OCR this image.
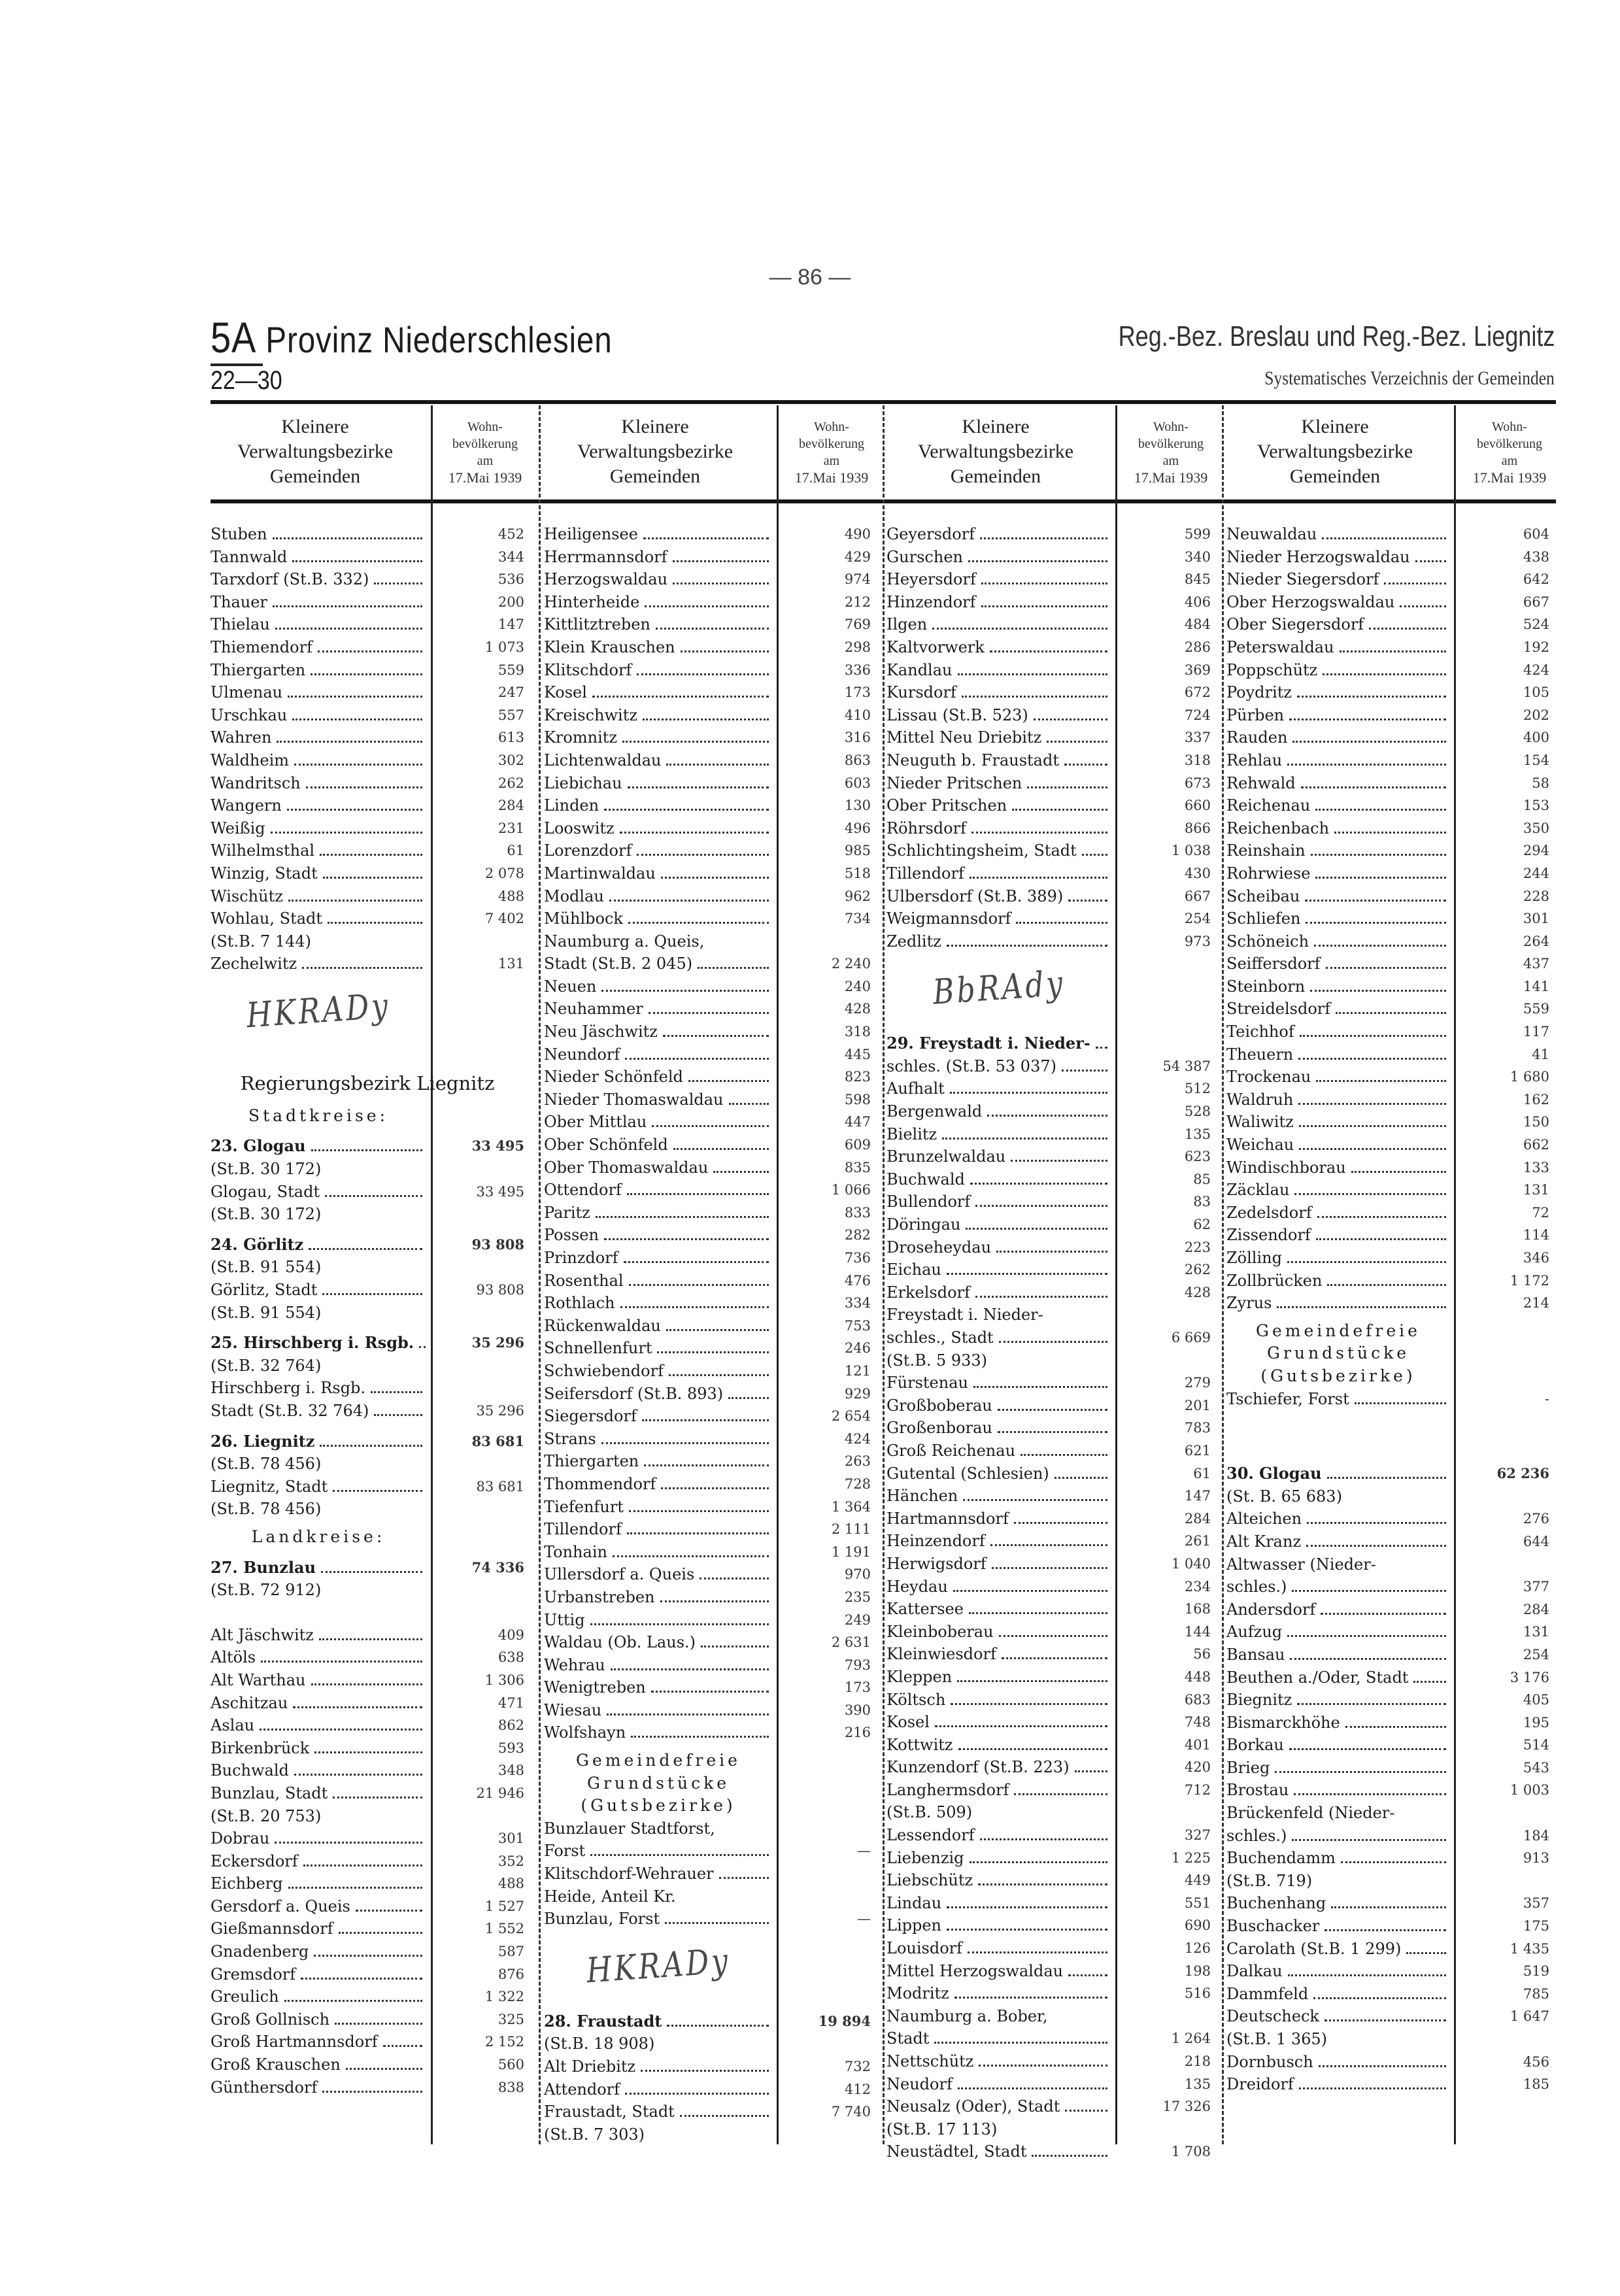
— 86 —
5A Provinz Niederschlesien
22—30
Reg.-Bez. Breslau und Reg.-Bez. Liegnitz
Systematisches Verzeichnis der Gemeinden
Kleinere
Verwaltungsbezirke
Gemeinden
Wohn-
bevölkerung
am
17.Mai 1939
Kleinere
Verwaltungsbezirke
Gemeinden
Wohn-
bevölkerung
am
17.Mai 1939
Kleinere
Verwaltungsbezirke
Gemeinden
Wohn-
bevölkerung
am
17.Mai 1939
Kleinere
Verwaltungsbezirke
Gemeinden
Wohn-
bevölkerung
am
17.Mai 1939
Stuben	452
Tannwald	344
Tarxdorf (St.B. 332)	536
Thauer	200
Thielau	147
Thiemendorf	1 073
Thiergarten	559
Ulmenau	247
Urschkau	557
Wahren	613
Waldheim	302
Wandritsch	262
Wangern	284
Weißig	231
Wilhelmsthal	61
Winzig, Stadt	2 078
Wischütz	488
Wohlau, Stadt	7 402
(St.B. 7 144)
Zechelwitz	131
HKRADy
Regierungsbezirk Liegnitz
Stadtkreise:
23. Glogau	33 495
(St.B. 30 172)
Glogau, Stadt	33 495
(St.B. 30 172)
24. Görlitz	93 808
(St.B. 91 554)
Görlitz, Stadt	93 808
(St.B. 91 554)
25. Hirschberg i. Rsgb.	35 296
(St.B. 32 764)
Hirschberg i. Rsgb.
Stadt (St.B. 32 764)	35 296
26. Liegnitz	83 681
(St.B. 78 456)
Liegnitz, Stadt	83 681
(St.B. 78 456)
Landkreise:
27. Bunzlau	74 336
(St.B. 72 912)
Alt Jäschwitz	409
Altöls	638
Alt Warthau	1 306
Aschitzau	471
Aslau	862
Birkenbrück	593
Buchwald	348
Bunzlau, Stadt	21 946
(St.B. 20 753)
Dobrau	301
Eckersdorf	352
Eichberg	488
Gersdorf a. Queis	1 527
Gießmannsdorf	1 552
Gnadenberg	587
Gremsdorf	876
Greulich	1 322
Groß Gollnisch	325
Groß Hartmannsdorf	2 152
Groß Krauschen	560
Günthersdorf	838
Heiligensee	490
Herrmannsdorf	429
Herzogswaldau	974
Hinterheide	212
Kittlitztreben	769
Klein Krauschen	298
Klitschdorf	336
Kosel	173
Kreischwitz	410
Kromnitz	316
Lichtenwaldau	863
Liebichau	603
Linden	130
Looswitz	496
Lorenzdorf	985
Martinwaldau	518
Modlau	962
Mühlbock	734
Naumburg a. Queis,
Stadt (St.B. 2 045)	2 240
Neuen	240
Neuhammer	428
Neu Jäschwitz	318
Neundorf	445
Nieder Schönfeld	823
Nieder Thomaswaldau	598
Ober Mittlau	447
Ober Schönfeld	609
Ober Thomaswaldau	835
Ottendorf	1 066
Paritz	833
Possen	282
Prinzdorf	736
Rosenthal	476
Rothlach	334
Rückenwaldau	753
Schnellenfurt	246
Schwiebendorf	121
Seifersdorf (St.B. 893)	929
Siegersdorf	2 654
Strans	424
Thiergarten	263
Thommendorf	728
Tiefenfurt	1 364
Tillendorf	2 111
Tonhain	1 191
Ullersdorf a. Queis	970
Urbanstreben	235
Uttig	249
Waldau (Ob. Laus.)	2 631
Wehrau	793
Wenigtreben	173
Wiesau	390
Wolfshayn	216
Gemeindefreie
Grundstücke
(Gutsbezirke)
Bunzlauer Stadtforst,
Forst	—
Klitschdorf-Wehrauer
Heide, Anteil Kr.
Bunzlau, Forst	—
HKRADy
28. Fraustadt	19 894
(St.B. 18 908)
Alt Driebitz	732
Attendorf	412
Fraustadt, Stadt	7 740
(St.B. 7 303)
Geyersdorf	599
Gurschen	340
Heyersdorf	845
Hinzendorf	406
Ilgen	484
Kaltvorwerk	286
Kandlau	369
Kursdorf	672
Lissau (St.B. 523)	724
Mittel Neu Driebitz	337
Neuguth b. Fraustadt	318
Nieder Pritschen	673
Ober Pritschen	660
Röhrsdorf	866
Schlichtingsheim, Stadt	1 038
Tillendorf	430
Ulbersdorf (St.B. 389)	667
Weigmannsdorf	254
Zedlitz	973
BbRAdy
29. Freystadt i. Nieder-
schles. (St.B. 53 037)	54 387
Aufhalt	512
Bergenwald	528
Bielitz	135
Brunzelwaldau	623
Buchwald	85
Bullendorf	83
Döringau	62
Droseheydau	223
Eichau	262
Erkelsdorf	428
Freystadt i. Nieder-
schles., Stadt	6 669
(St.B. 5 933)
Fürstenau	279
Großboberau	201
Großenborau	783
Groß Reichenau	621
Gutental (Schlesien)	61
Hänchen	147
Hartmannsdorf	284
Heinzendorf	261
Herwigsdorf	1 040
Heydau	234
Kattersee	168
Kleinboberau	144
Kleinwiesdorf	56
Kleppen	448
Költsch	683
Kosel	748
Kottwitz	401
Kunzendorf (St.B. 223)	420
Langhermsdorf	712
(St.B. 509)
Lessendorf	327
Liebenzig	1 225
Liebschütz	449
Lindau	551
Lippen	690
Louisdorf	126
Mittel Herzogswaldau	198
Modritz	516
Naumburg a. Bober,
Stadt	1 264
Nettschütz	218
Neudorf	135
Neusalz (Oder), Stadt	17 326
(St.B. 17 113)
Neustädtel, Stadt	1 708
Neuwaldau	604
Nieder Herzogswaldau	438
Nieder Siegersdorf	642
Ober Herzogswaldau	667
Ober Siegersdorf	524
Peterswaldau	192
Poppschütz	424
Poydritz	105
Pürben	202
Rauden	400
Rehlau	154
Rehwald	58
Reichenau	153
Reichenbach	350
Reinshain	294
Rohrwiese	244
Scheibau	228
Schliefen	301
Schöneich	264
Seiffersdorf	437
Steinborn	141
Streidelsdorf	559
Teichhof	117
Theuern	41
Trockenau	1 680
Waldruh	162
Waliwitz	150
Weichau	662
Windischborau	133
Zäcklau	131
Zedelsdorf	72
Zissendorf	114
Zölling	346
Zollbrücken	1 172
Zyrus	214
Gemeindefreie
Grundstücke
(Gutsbezirke)
Tschiefer, Forst	-
30. Glogau	62 236
(St. B. 65 683)
Alteichen	276
Alt Kranz	644
Altwasser (Nieder-
schles.)	377
Andersdorf	284
Aufzug	131
Bansau	254
Beuthen a./Oder, Stadt	3 176
Biegnitz	405
Bismarckhöhe	195
Borkau	514
Brieg	543
Brostau	1 003
Brückenfeld (Nieder-
schles.)	184
Buchendamm	913
(St.B. 719)
Buchenhang	357
Buschacker	175
Carolath (St.B. 1 299)	1 435
Dalkau	519
Dammfeld	785
Deutscheck	1 647
(St.B. 1 365)
Dornbusch	456
Dreidorf	185
